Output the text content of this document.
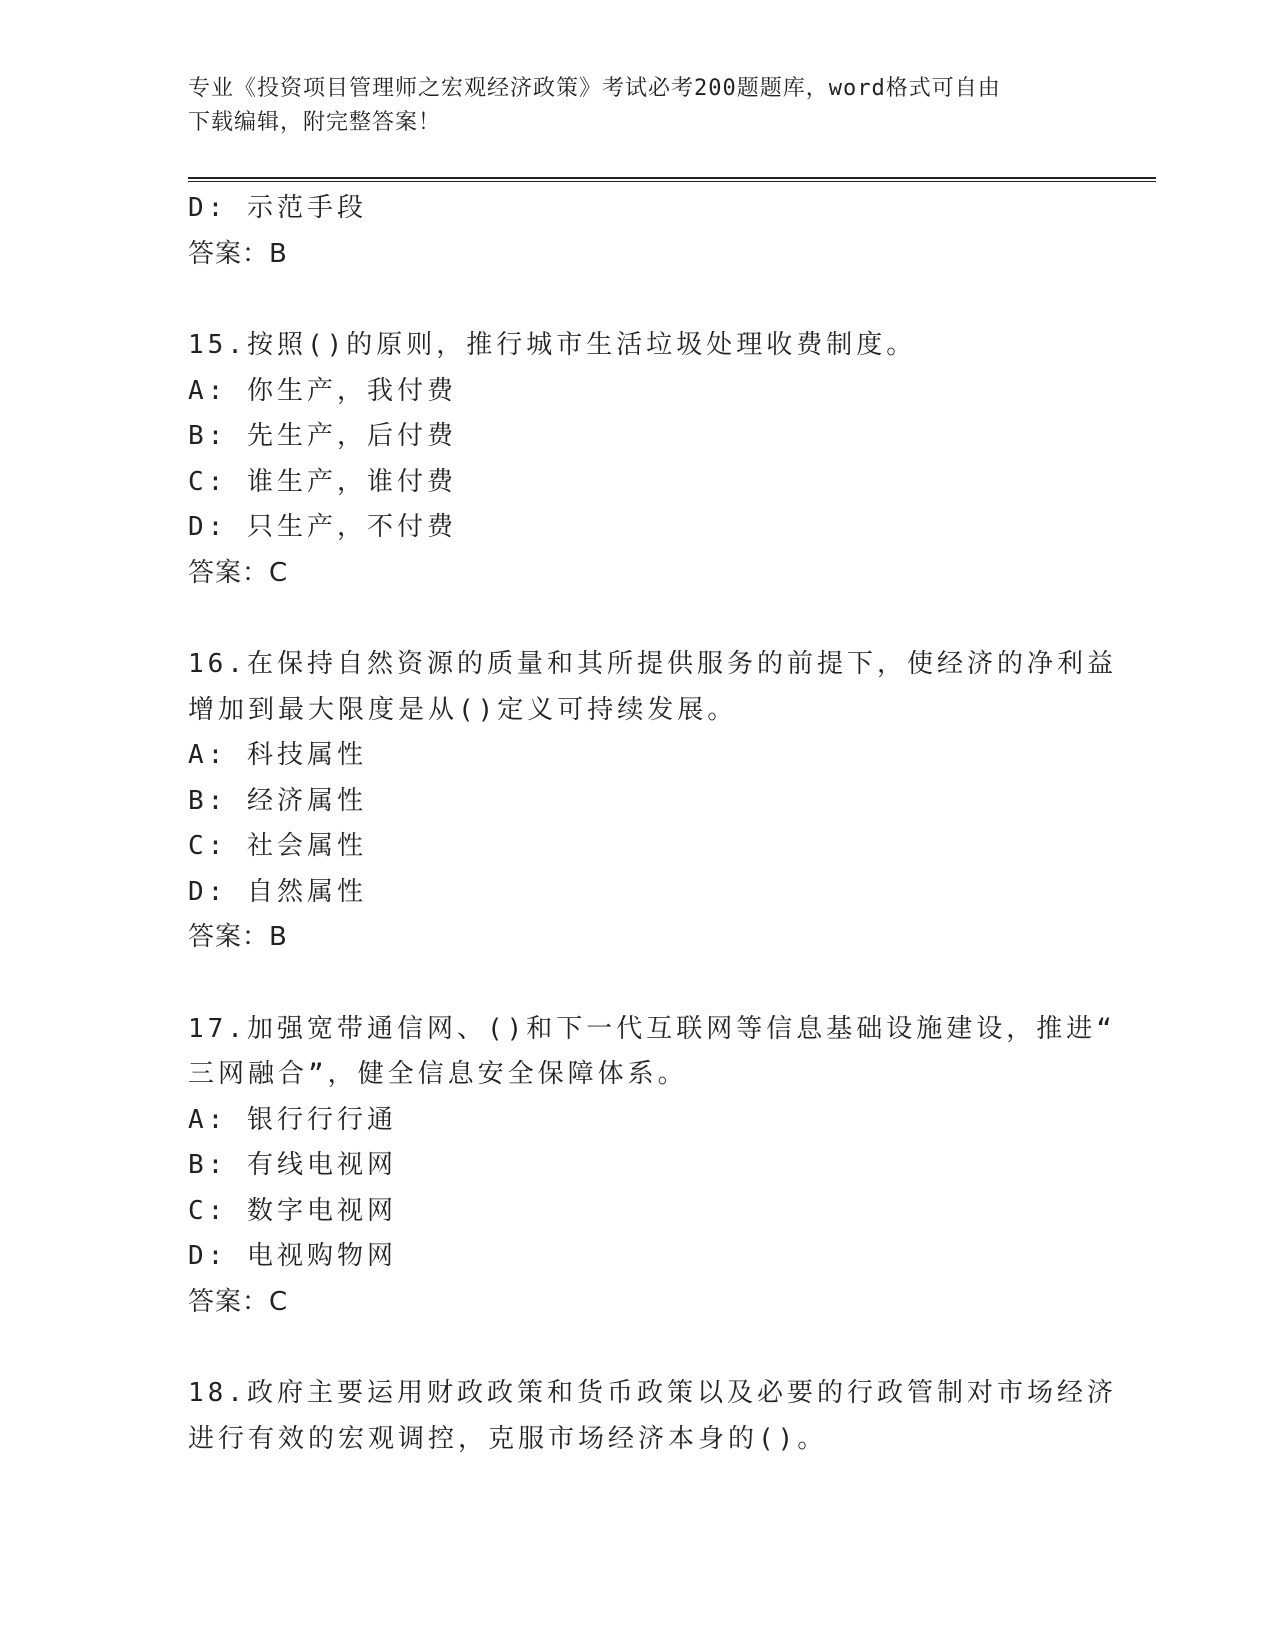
专业《投资项目管理师之宏观经济政策》考试必考200题题库，word格式可自由
下载编辑，附完整答案！
D: 示范手段
答案：B
15.按照()的原则，推行城市生活垃圾处理收费制度。
A: 你生产，我付费
B: 先生产，后付费
C: 谁生产，谁付费
D: 只生产，不付费
答案：C
16.在保持自然资源的质量和其所提供服务的前提下，使经济的净利益
增加到最大限度是从()定义可持续发展。
A: 科技属性
B: 经济属性
C: 社会属性
D: 自然属性
答案：B
17.加强宽带通信网、()和下一代互联网等信息基础设施建设，推进“
三网融合”，健全信息安全保障体系。
A: 银行行行通
B: 有线电视网
C: 数字电视网
D: 电视购物网
答案：C
18.政府主要运用财政政策和货币政策以及必要的行政管制对市场经济
进行有效的宏观调控，克服市场经济本身的()。
